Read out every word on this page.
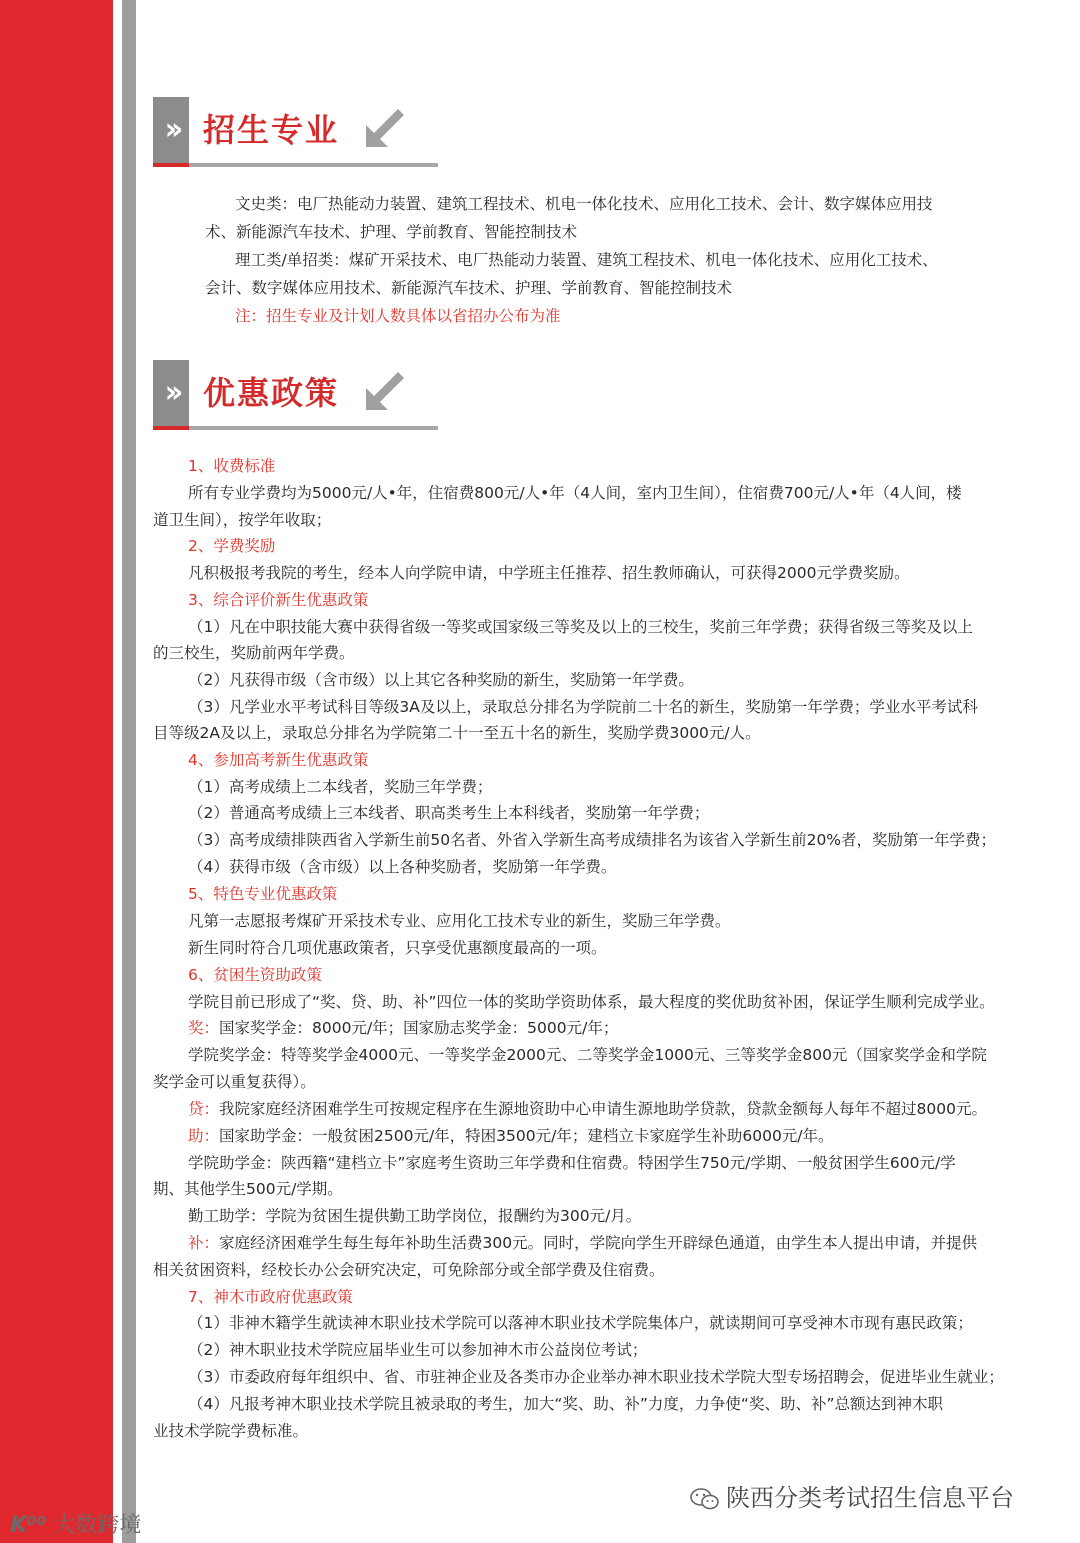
›› 招生专业
文史类：电厂热能动力装置、建筑工程技术、机电一体化技术、应用化工技术、会计、数字媒体应用技
术、新能源汽车技术、护理、学前教育、智能控制技术
理工类/单招类：煤矿开采技术、电厂热能动力装置、建筑工程技术、机电一体化技术、应用化工技术、
会计、数字媒体应用技术、新能源汽车技术、护理、学前教育、智能控制技术
注：招生专业及计划人数具体以省招办公布为准
›› 优惠政策
1、收费标准
所有专业学费均为5000元/人•年，住宿费800元/人•年（4人间，室内卫生间），住宿费700元/人•年（4人间，楼
道卫生间），按学年收取；
2、学费奖励
凡积极报考我院的考生，经本人向学院申请，中学班主任推荐、招生教师确认，可获得2000元学费奖励。
3、综合评价新生优惠政策
（1）凡在中职技能大赛中获得省级一等奖或国家级三等奖及以上的三校生，奖前三年学费；获得省级三等奖及以上
的三校生，奖励前两年学费。
（2）凡获得市级（含市级）以上其它各种奖励的新生，奖励第一年学费。
（3）凡学业水平考试科目等级3A及以上，录取总分排名为学院前二十名的新生，奖励第一年学费；学业水平考试科
目等级2A及以上，录取总分排名为学院第二十一至五十名的新生，奖励学费3000元/人。
4、参加高考新生优惠政策
（1）高考成绩上二本线者，奖励三年学费；
（2）普通高考成绩上三本线者、职高类考生上本科线者，奖励第一年学费；
（3）高考成绩排陕西省入学新生前50名者、外省入学新生高考成绩排名为该省入学新生前20%者，奖励第一年学费；
（4）获得市级（含市级）以上各种奖励者，奖励第一年学费。
5、特色专业优惠政策
凡第一志愿报考煤矿开采技术专业、应用化工技术专业的新生，奖励三年学费。
新生同时符合几项优惠政策者，只享受优惠额度最高的一项。
6、贫困生资助政策
学院目前已形成了“奖、贷、助、补”四位一体的奖助学资助体系，最大程度的奖优助贫补困，保证学生顺利完成学业。
奖：国家奖学金：8000元/年；国家励志奖学金：5000元/年；
学院奖学金：特等奖学金4000元、一等奖学金2000元、二等奖学金1000元、三等奖学金800元（国家奖学金和学院
奖学金可以重复获得）。
贷：我院家庭经济困难学生可按规定程序在生源地资助中心申请生源地助学贷款，贷款金额每人每年不超过8000元。
助：国家助学金：一般贫困2500元/年，特困3500元/年；建档立卡家庭学生补助6000元/年。
学院助学金：陕西籍“建档立卡”家庭考生资助三年学费和住宿费。特困学生750元/学期、一般贫困学生600元/学
期、其他学生500元/学期。
勤工助学：学院为贫困生提供勤工助学岗位，报酬约为300元/月。
补：家庭经济困难学生每生每年补助生活费300元。同时，学院向学生开辟绿色通道，由学生本人提出申请，并提供
相关贫困资料，经校长办公会研究决定，可免除部分或全部学费及住宿费。
7、神木市政府优惠政策
（1）非神木籍学生就读神木职业技术学院可以落神木职业技术学院集体户，就读期间可享受神木市现有惠民政策；
（2）神木职业技术学院应届毕业生可以参加神木市公益岗位考试；
（3）市委政府每年组织中、省、市驻神企业及各类市办企业举办神木职业技术学院大型专场招聘会，促进毕业生就业；
（4）凡报考神木职业技术学院且被录取的考生，加大“奖、助、补”力度，力争使“奖、助、补”总额达到神木职
业技术学院学费标准。
陕西分类考试招生信息平台
K⁰⁰ 大数跨境
